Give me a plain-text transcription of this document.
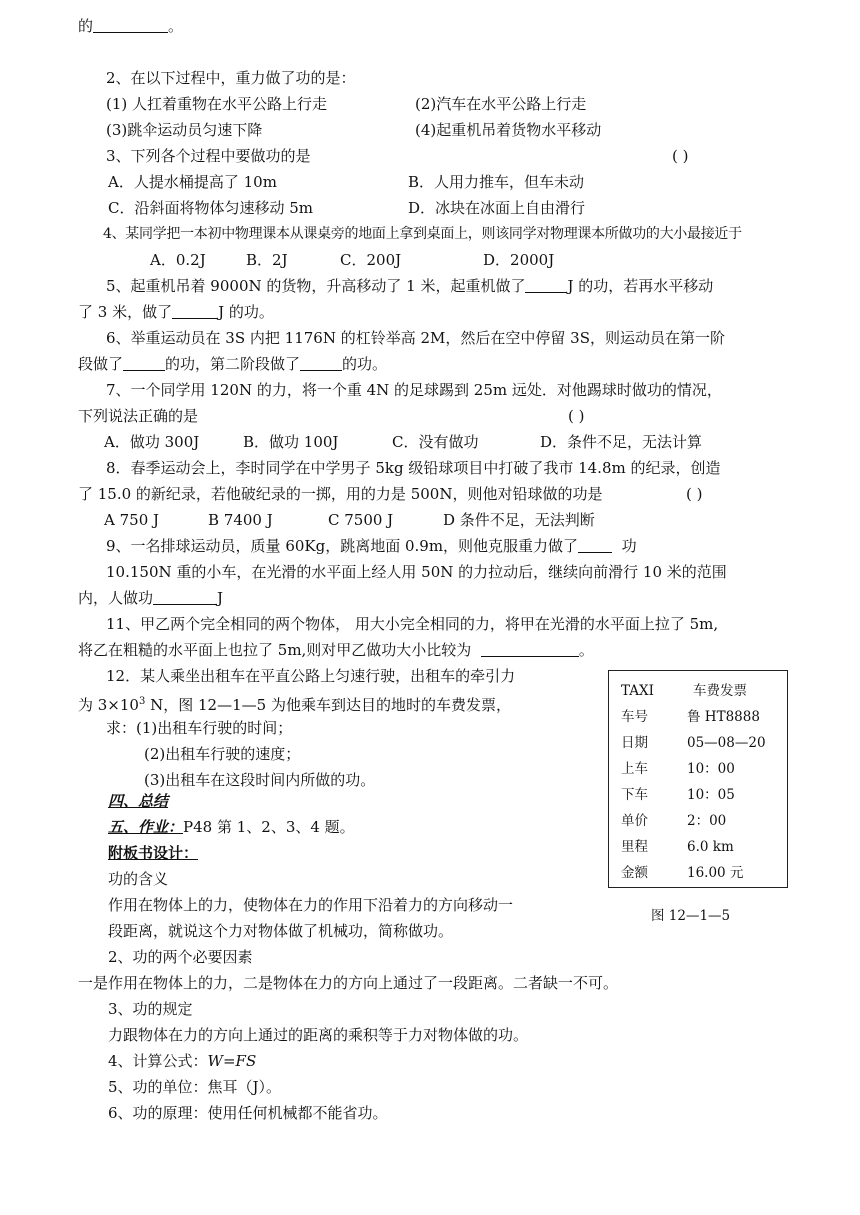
的	。
2、在以下过程中，重力做了功的是：
(1) 人扛着重物在水平公路上行走	(2)汽车在水平公路上行走
(3)跳伞运动员匀速下降	(4)起重机吊着货物水平移动
3、下列各个过程中要做功的是	( )
A．人提水桶提高了 10m	B．人用力推车，但车未动
C．沿斜面将物体匀速移动 5m	D．冰块在冰面上自由滑行
4、某同学把一本初中物理课本从课桌旁的地面上拿到桌面上，则该同学对物理课本所做功的大小最接近于
A．0.2J	B．2J	C．200J	D．2000J
5、起重机吊着 9000N 的货物，升高移动了 1 米，起重机做了	J 的功，若再水平移动
了 3 米，做了	J 的功。
6、举重运动员在 3S 内把 1176N 的杠铃举高 2M，然后在空中停留 3S，则运动员在第一阶
段做了	的功，第二阶段做了	的功。
7、一个同学用 120N 的力，将一个重 4N 的足球踢到 25m 远处．对他踢球时做功的情况，
下列说法正确的是	( )
A．做功 300J	B．做功 100J	C．没有做功	D．条件不足，无法计算
8．春季运动会上，李时同学在中学男子 5kg 级铅球项目中打破了我市 14.8m 的纪录，创造
了 15.0 的新纪录，若他破纪录的一掷，用的力是 500N，则他对铅球做的功是	( )
A 750 J	B 7400 J	C 7500 J	D 条件不足，无法判断
9、一名排球运动员，质量 60Kg，跳离地面 0.9m，则他克服重力做了	功
10.150N 重的小车，在光滑的水平面上经人用 50N 的力拉动后，继续向前滑行 10 米的范围
内，人做功	J
11、甲乙两个完全相同的两个物体， 用大小完全相同的力，将甲在光滑的水平面上拉了 5m,
将乙在粗糙的水平面上也拉了 5m,则对甲乙做功大小比较为	。
12．某人乘坐出租车在平直公路上匀速行驶，出租车的牵引力
为 $3\times 10^3$ N，图 12—1—5 为他乘车到达目的地时的车费发票，
求：(1)出租车行驶的时间；
(2)出租车行驶的速度；
(3)出租车在这段时间内所做的功。
TAXI	车费发票
车号	鲁 HT8888
日期	05—08—20
上车	10：00
下车	10：05
单价	2：00
里程	6.0 km
金额	16.00 元
图 12—1—5
四、总结
五、作业：P48 第 1、2、3、4 题。
附板书设计：
功的含义
作用在物体上的力，使物体在力的作用下沿着力的方向移动一
段距离，就说这个力对物体做了机械功，简称做功。
2、功的两个必要因素
一是作用在物体上的力，二是物体在力的方向上通过了一段距离。二者缺一不可。
3、功的规定
力跟物体在力的方向上通过的距离的乘积等于力对物体做的功。
4、计算公式：W=FS
5、功的单位：焦耳（J）。
6、功的原理：使用任何机械都不能省功。
